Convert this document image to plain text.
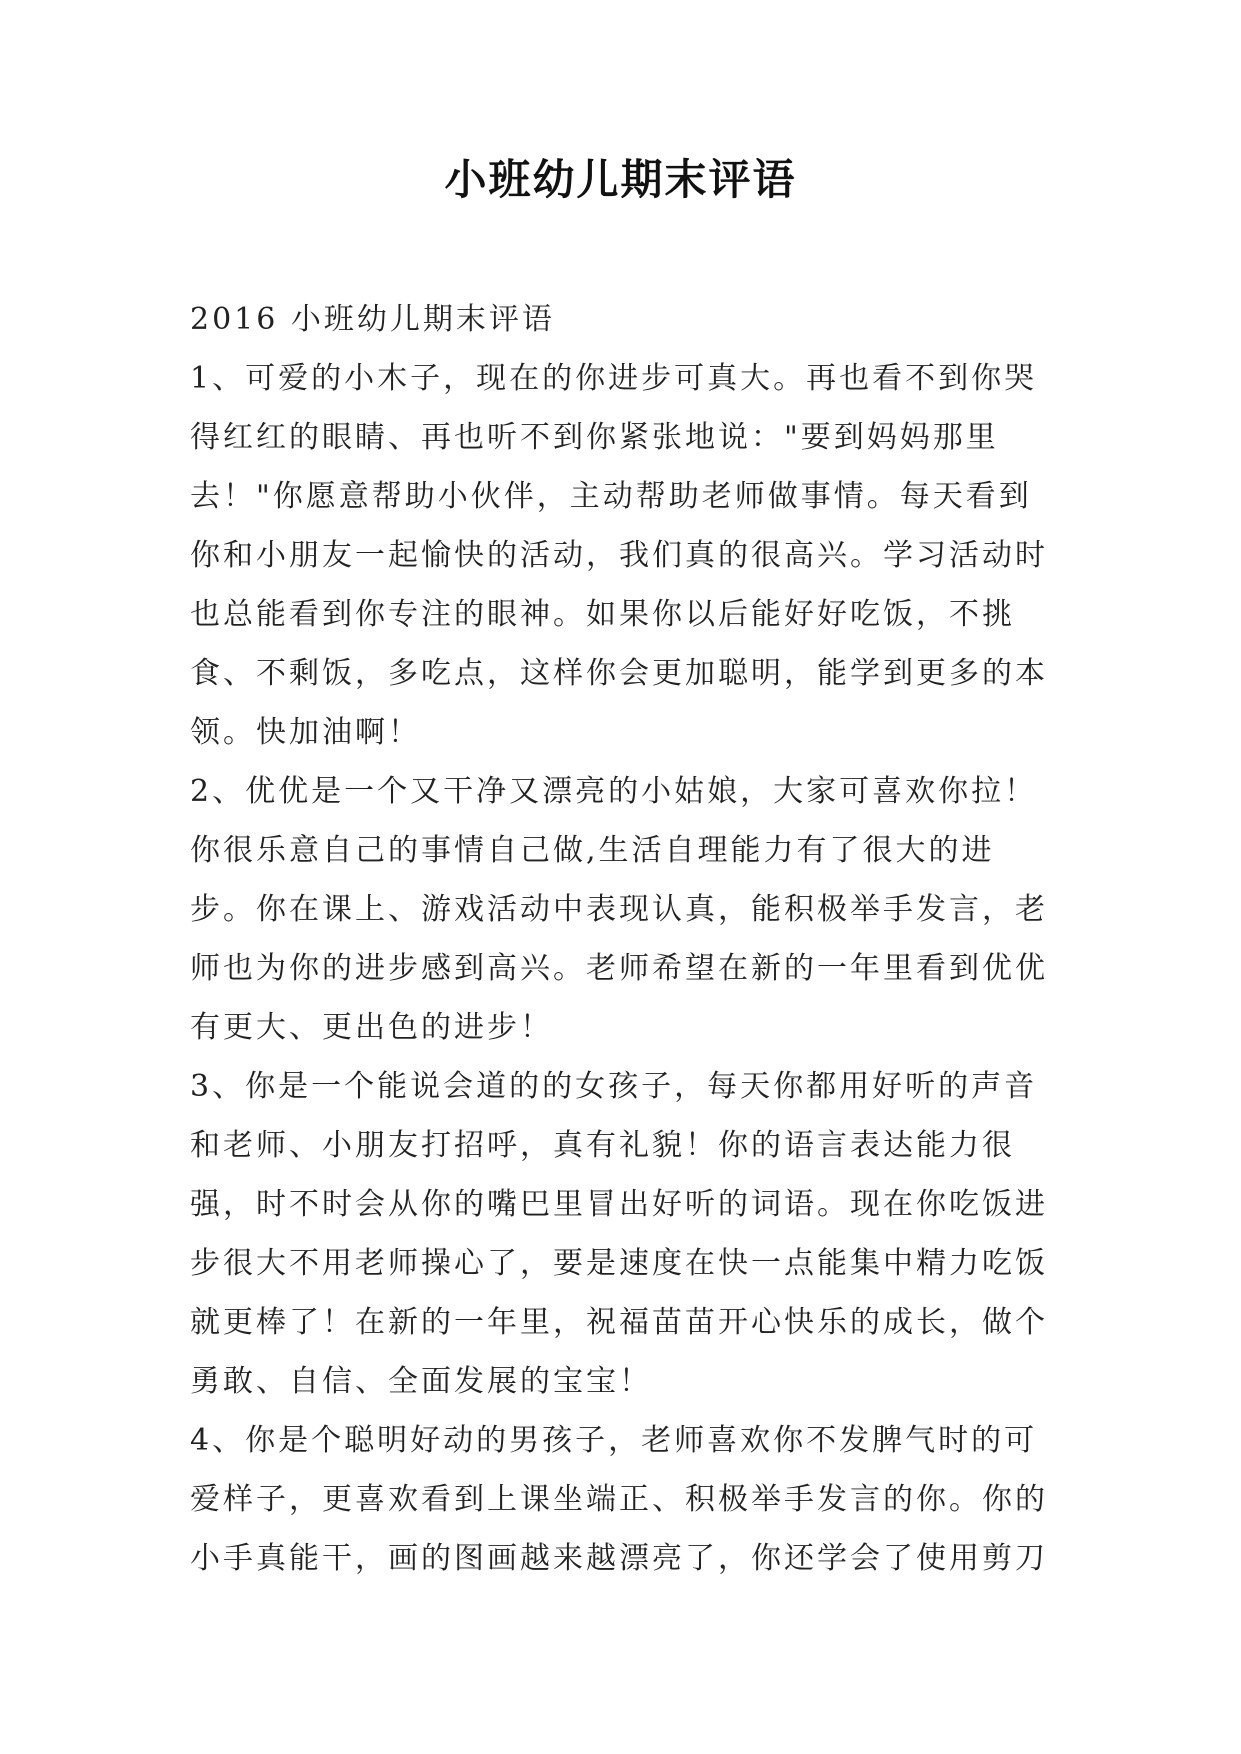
小班幼儿期末评语

2016 小班幼儿期末评语

1、可爱的小木子，现在的你进步可真大。再也看不到你哭得红红的眼睛、再也听不到你紧张地说："要到妈妈那里去！"你愿意帮助小伙伴，主动帮助老师做事情。每天看到你和小朋友一起愉快的活动，我们真的很高兴。学习活动时也总能看到你专注的眼神。如果你以后能好好吃饭，不挑食、不剩饭，多吃点，这样你会更加聪明，能学到更多的本领。快加油啊！

2、优优是一个又干净又漂亮的小姑娘，大家可喜欢你拉！你很乐意自己的事情自己做,生活自理能力有了很大的进步。你在课上、游戏活动中表现认真，能积极举手发言，老师也为你的进步感到高兴。老师希望在新的一年里看到优优有更大、更出色的进步！

3、你是一个能说会道的的女孩子，每天你都用好听的声音和老师、小朋友打招呼，真有礼貌！你的语言表达能力很强，时不时会从你的嘴巴里冒出好听的词语。现在你吃饭进步很大不用老师操心了，要是速度在快一点能集中精力吃饭就更棒了！在新的一年里，祝福苗苗开心快乐的成长，做个勇敢、自信、全面发展的宝宝！

4、你是个聪明好动的男孩子，老师喜欢你不发脾气时的可爱样子，更喜欢看到上课坐端正、积极举手发言的你。你的小手真能干，画的图画越来越漂亮了，你还学会了使用剪刀
